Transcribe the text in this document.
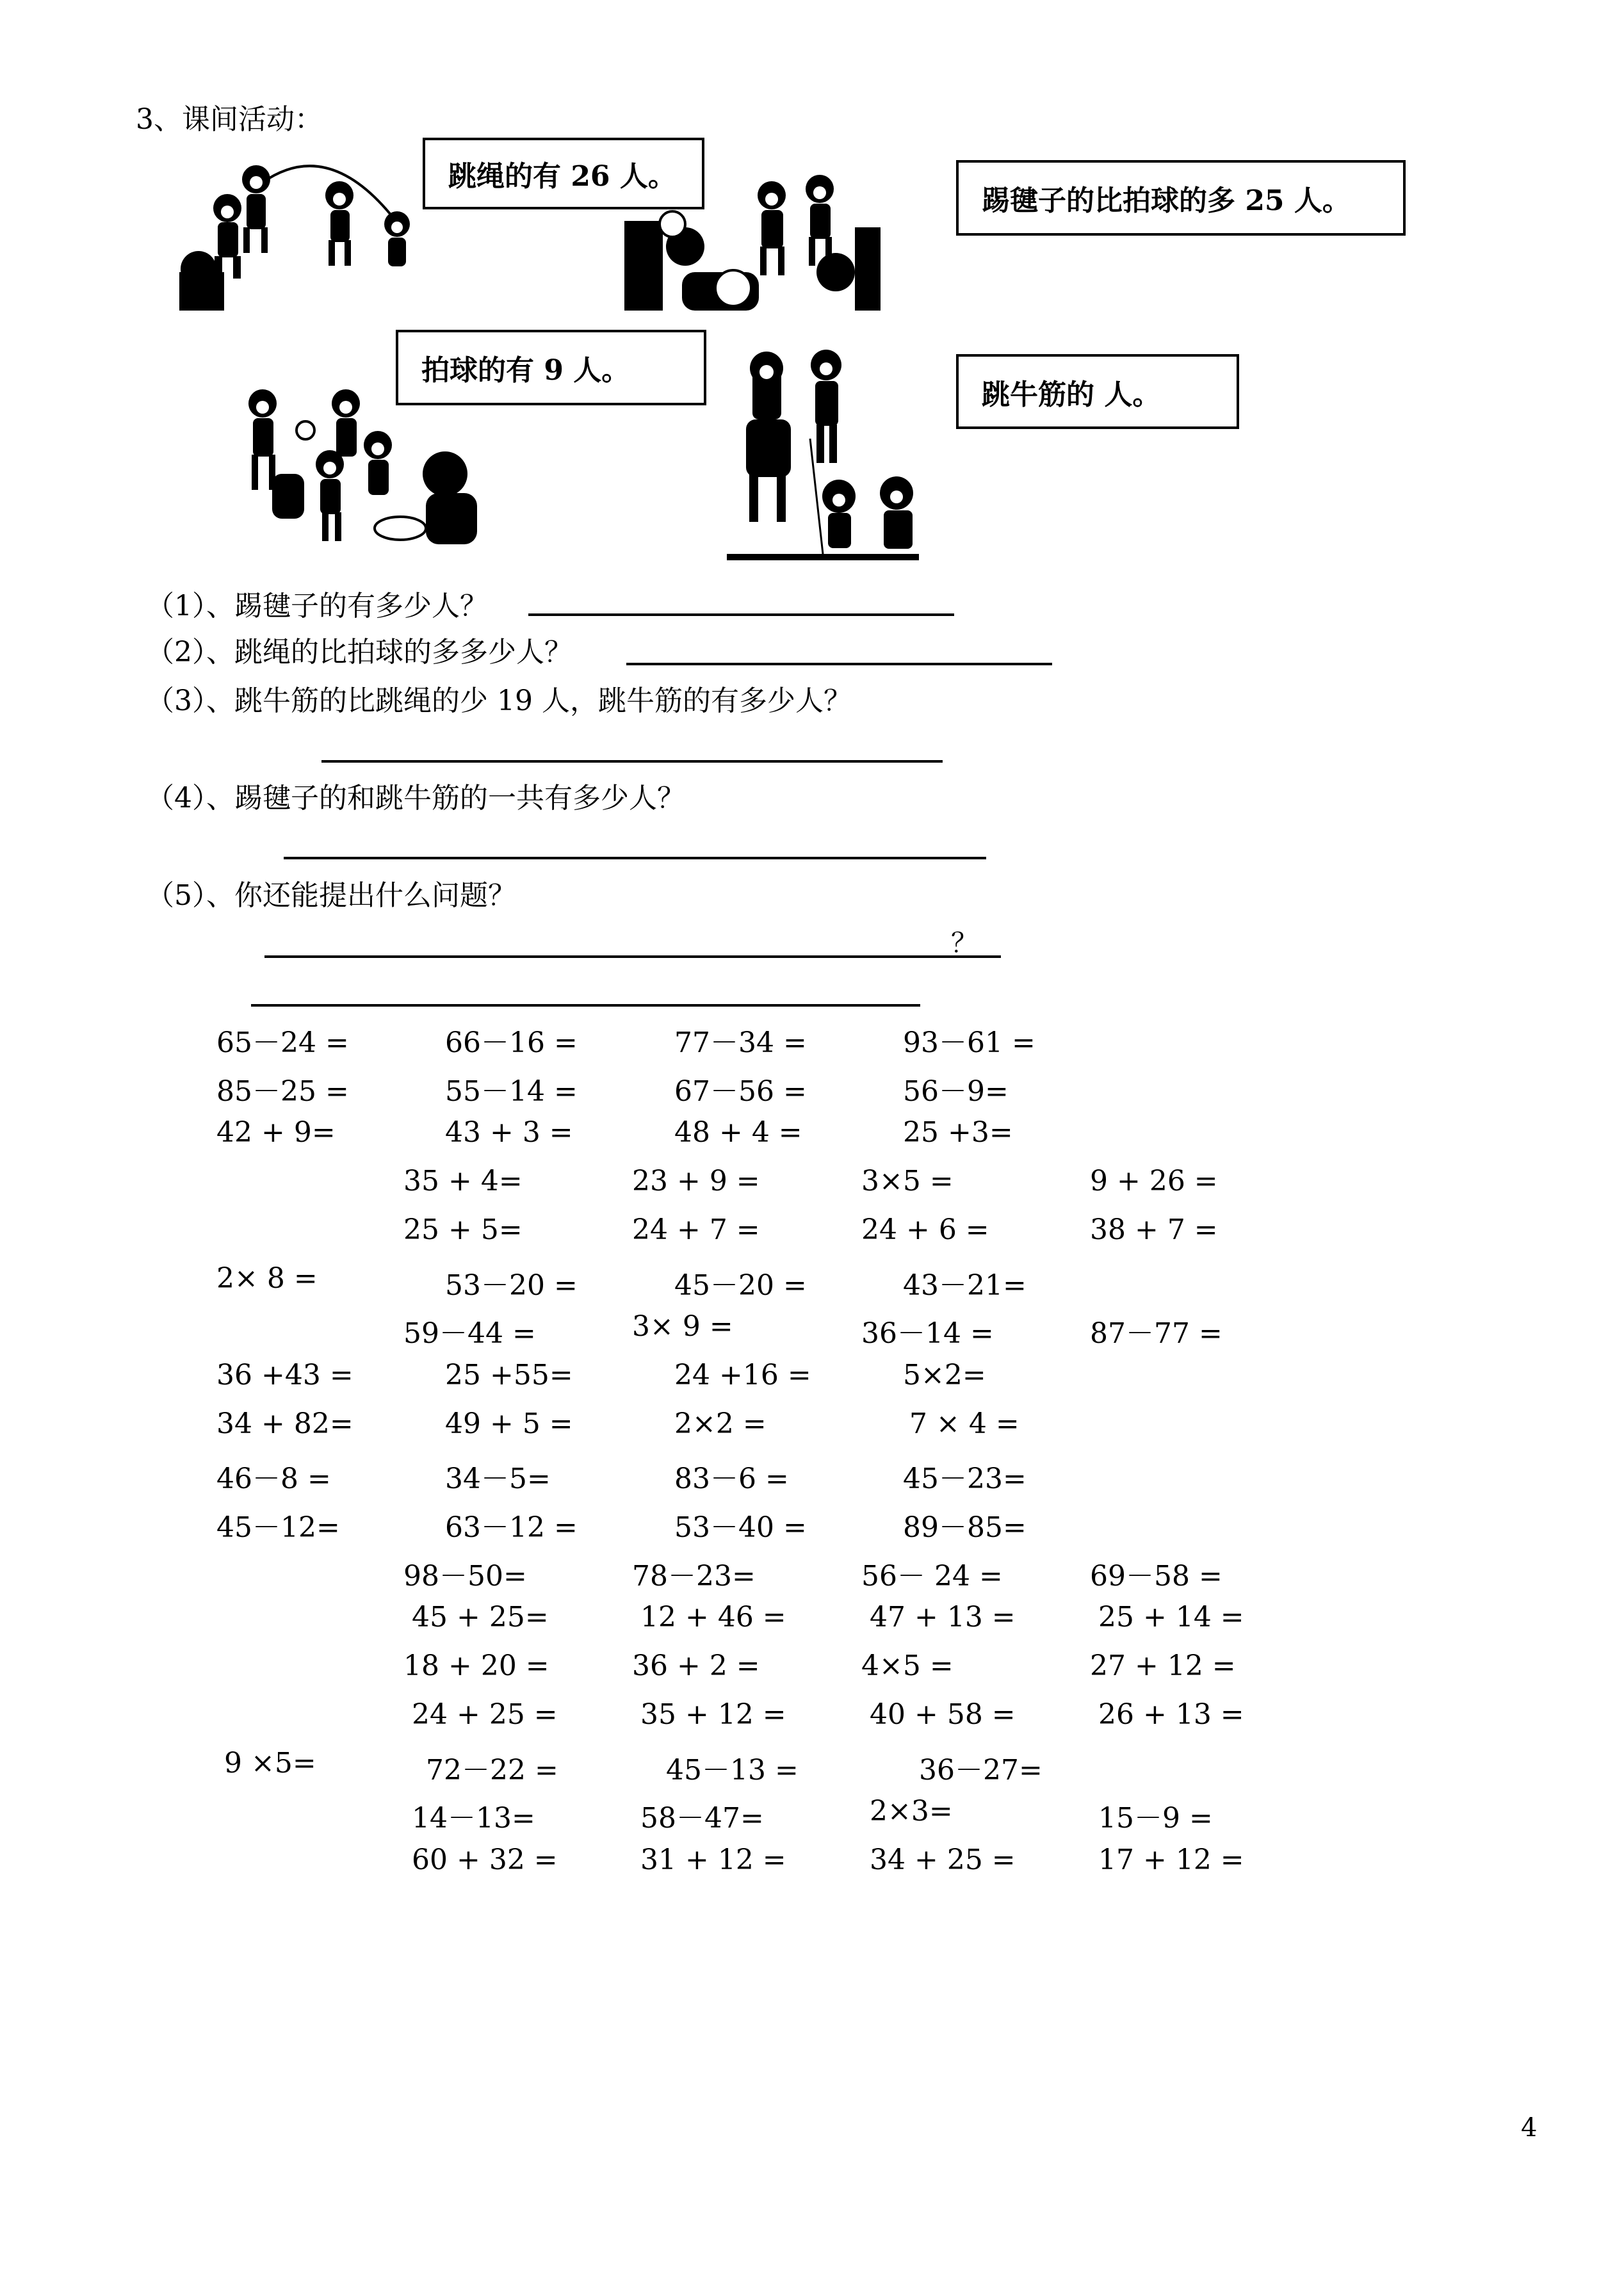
3、课间活动：
跳绳的有 26 人。
踢毽子的比拍球的多 25 人。
拍球的有 9 人。
跳牛筋的 人。
（1）、踢毽子的有多少人？
（2）、跳绳的比拍球的多多少人？
（3）、跳牛筋的比跳绳的少 19 人，跳牛筋的有多少人？
（4）、踢毽子的和跳牛筋的一共有多少人？
（5）、你还能提出什么问题？
？
65－24 =	66－16 =	77－34 =	93－61 =
85－25 =	55－14 =	67－56 =	56－9=
42 + 9=	43 + 3 =	48 + 4 =	25 +3=
35 + 4=	23 + 9 =	3×5 =	9 + 26 =
25 + 5=	24 + 7 =	24 + 6 =	38 + 7 =
2× 8 =	53－20 =	45－20 =	43－21=
59－44 =	3× 9 =	36－14 =	87－77 =
36 +43 =	25 +55=	24 +16 =	5×2=
34 + 82=	49 + 5 =	2×2 =	7 × 4 =
46－8 =	34－5=	83－6 =	45－23=
45－12=	63－12 =	53－40 =	89－85=
98－50=	78－23=	56－ 24 =	69－58 =
45 + 25=	12 + 46 =	47 + 13 =	25 + 14 =
18 + 20 =	36 + 2 =	4×5 =	27 + 12 =
24 + 25 =	35 + 12 =	40 + 58 =	26 + 13 =
9 ×5=	72－22 =	45－13 =	36－27=
14－13=	58－47=	2×3=	15－9 =
60 + 32 =	31 + 12 =	34 + 25 =	17 + 12 =
4
